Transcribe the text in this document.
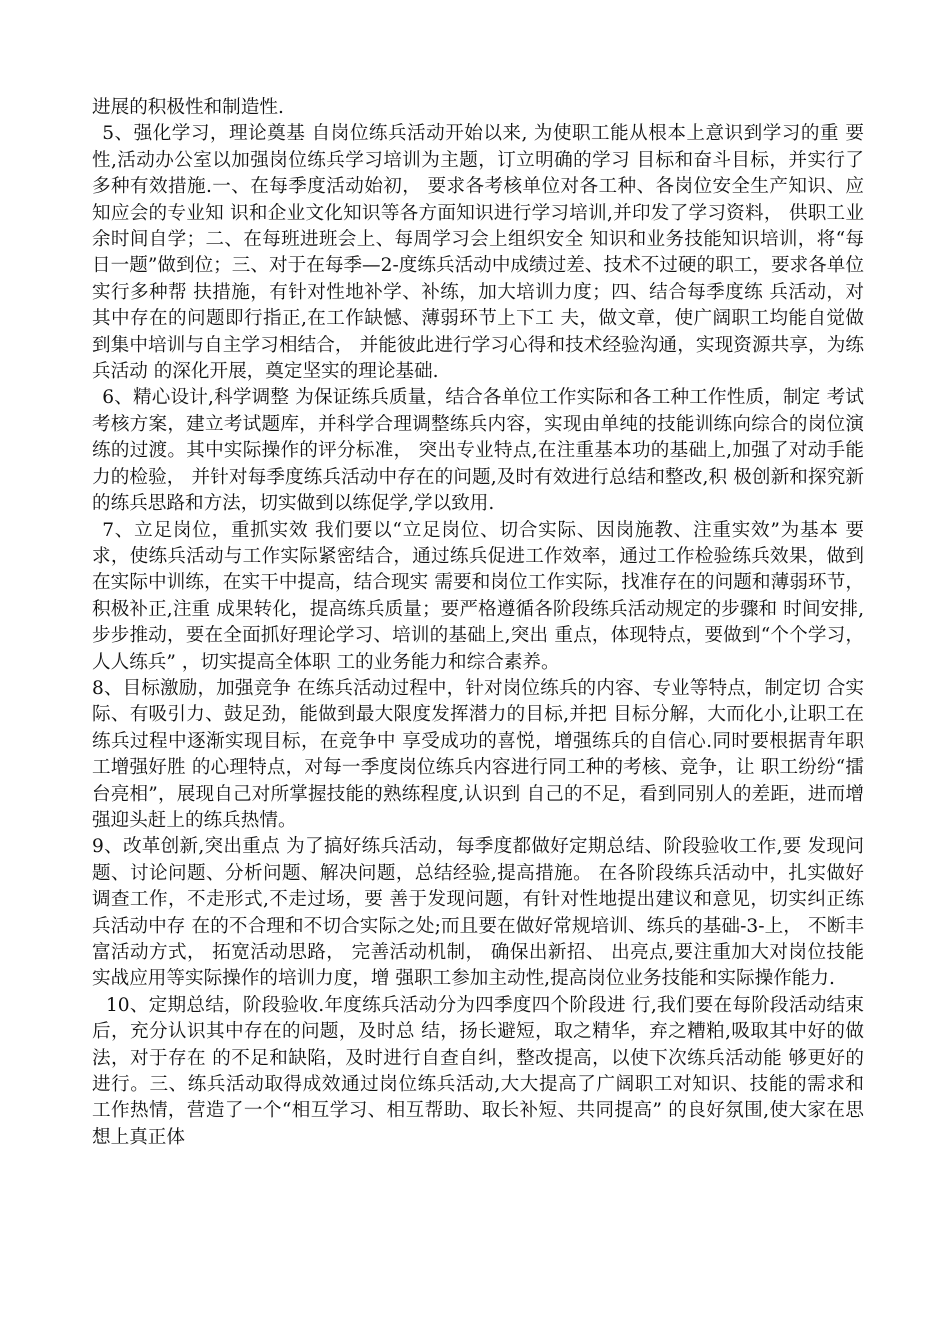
进展的积极性和制造性.

5、强化学习，理论奠基 自岗位练兵活动开始以来, 为使职工能从根本上意识到学习的重 要性,活动办公室以加强岗位练兵学习培训为主题，订立明确的学习 目标和奋斗目标，并实行了多种有效措施.一、在每季度活动始初， 要求各考核单位对各工种、各岗位安全生产知识、应知应会的专业知 识和企业文化知识等各方面知识进行学习培训,并印发了学习资料， 供职工业余时间自学；二、在每班进班会上、每周学习会上组织安全 知识和业务技能知识培训，将“每日一题”做到位；三、对于在每季—2-度练兵活动中成绩过差、技术不过硬的职工，要求各单位实行多种帮 扶措施，有针对性地补学、补练，加大培训力度；四、结合每季度练 兵活动，对其中存在的问题即行指正,在工作缺憾、薄弱环节上下工 夫，做文章，使广阔职工均能自觉做到集中培训与自主学习相结合， 并能彼此进行学习心得和技术经验沟通，实现资源共享，为练兵活动 的深化开展，奠定坚实的理论基础.

6、精心设计,科学调整 为保证练兵质量，结合各单位工作实际和各工种工作性质，制定 考试考核方案，建立考试题库，并科学合理调整练兵内容，实现由单纯的技能训练向综合的岗位演练的过渡。其中实际操作的评分标准， 突出专业特点,在注重基本功的基础上,加强了对动手能力的检验， 并针对每季度练兵活动中存在的问题,及时有效进行总结和整改,积 极创新和探究新的练兵思路和方法，切实做到以练促学,学以致用.

7、立足岗位，重抓实效 我们要以“立足岗位、切合实际、因岗施教、注重实效”为基本 要求，使练兵活动与工作实际紧密结合，通过练兵促进工作效率，通过工作检验练兵效果，做到在实际中训练，在实干中提高，结合现实 需要和岗位工作实际，找准存在的问题和薄弱环节，积极补正,注重 成果转化，提高练兵质量；要严格遵循各阶段练兵活动规定的步骤和 时间安排,步步推动，要在全面抓好理论学习、培训的基础上,突出 重点，体现特点，要做到“个个学习，人人练兵” ，切实提高全体职 工的业务能力和综合素养。

8、目标激励，加强竞争 在练兵活动过程中，针对岗位练兵的内容、专业等特点，制定切 合实际、有吸引力、鼓足劲，能做到最大限度发挥潜力的目标,并把 目标分解，大而化小,让职工在练兵过程中逐渐实现目标，在竞争中 享受成功的喜悦，增强练兵的自信心.同时要根据青年职工增强好胜 的心理特点，对每一季度岗位练兵内容进行同工种的考核、竞争，让 职工纷纷“擂台亮相”，展现自己对所掌握技能的熟练程度,认识到 自己的不足，看到同别人的差距，进而增强迎头赶上的练兵热情。

9、改革创新,突出重点 为了搞好练兵活动，每季度都做好定期总结、阶段验收工作,要 发现问题、讨论问题、分析问题、解决问题，总结经验,提高措施。 在各阶段练兵活动中，扎实做好调查工作，不走形式,不走过场，要 善于发现问题，有针对性地提出建议和意见，切实纠正练兵活动中存 在的不合理和不切合实际之处;而且要在做好常规培训、练兵的基础-3-上， 不断丰富活动方式， 拓宽活动思路， 完善活动机制， 确保出新招、 出亮点,要注重加大对岗位技能实战应用等实际操作的培训力度，增 强职工参加主动性,提高岗位业务技能和实际操作能力.

10、定期总结，阶段验收.年度练兵活动分为四季度四个阶段进 行,我们要在每阶段活动结束后，充分认识其中存在的问题，及时总 结，扬长避短，取之精华，弃之糟粕,吸取其中好的做法，对于存在 的不足和缺陷，及时进行自查自纠，整改提高，以使下次练兵活动能 够更好的进行。三、练兵活动取得成效通过岗位练兵活动,大大提高了广阔职工对知识、技能的需求和 工作热情，营造了一个“相互学习、相互帮助、取长补短、共同提高” 的良好氛围,使大家在思想上真正体
